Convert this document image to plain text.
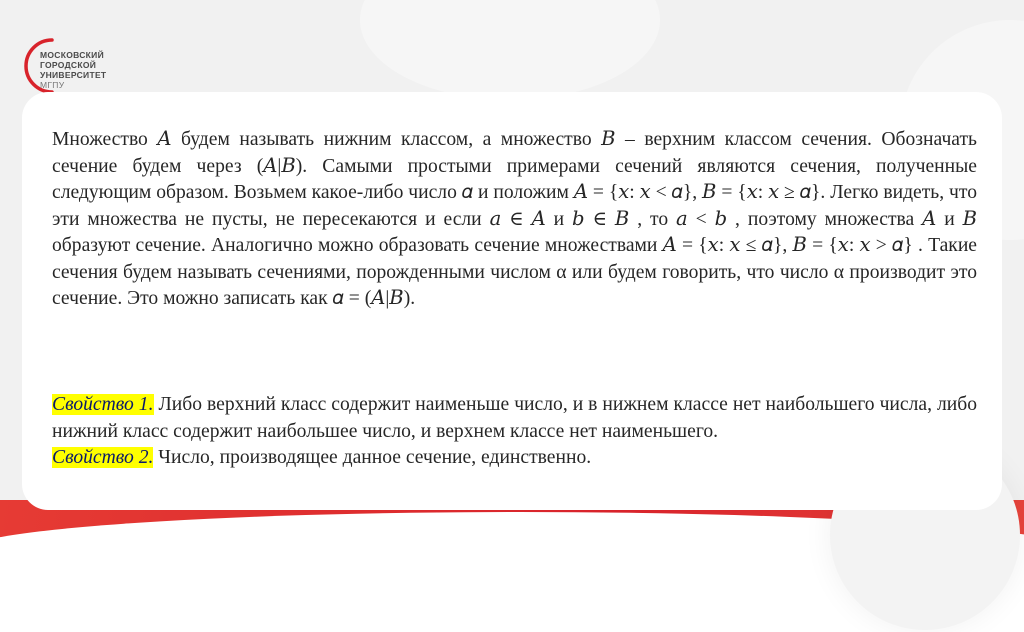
МОСКОВСКИЙ
ГОРОДСКОЙ
УНИВЕРСИТЕТ
МГПУ

Множество 𝐴 будем называть нижним классом, а множество 𝐵 – верхним классом сечения. Обозначать сечение будем через (𝐴|𝐵). Самыми простыми примерами сечений являются сечения, полученные следующим образом. Возьмем какое-либо число 𝛼 и положим 𝐴 = {𝑥: 𝑥 < 𝛼}, 𝐵 = {𝑥: 𝑥 ≥ 𝛼}. Легко видеть, что эти множества не пусты, не пересекаются и если 𝑎 ∈ 𝐴 и 𝑏 ∈ 𝐵 , то 𝑎 < 𝑏 , поэтому множества 𝐴 и 𝐵 образуют сечение. Аналогично можно образовать сечение множествами 𝐴 = {𝑥: 𝑥 ≤ 𝛼}, 𝐵 = {𝑥: 𝑥 > 𝛼} . Такие сечения будем называть сечениями, порожденными числом α или будем говорить, что число α производит это сечение. Это можно записать как 𝛼 = (𝐴|𝐵).

Свойство 1. Либо верхний класс содержит наименьше число, и в нижнем классе нет наибольшего числа, либо нижний класс содержит наибольшее число, и верхнем классе нет наименьшего.

Свойство 2. Число, производящее данное сечение, единственно.
